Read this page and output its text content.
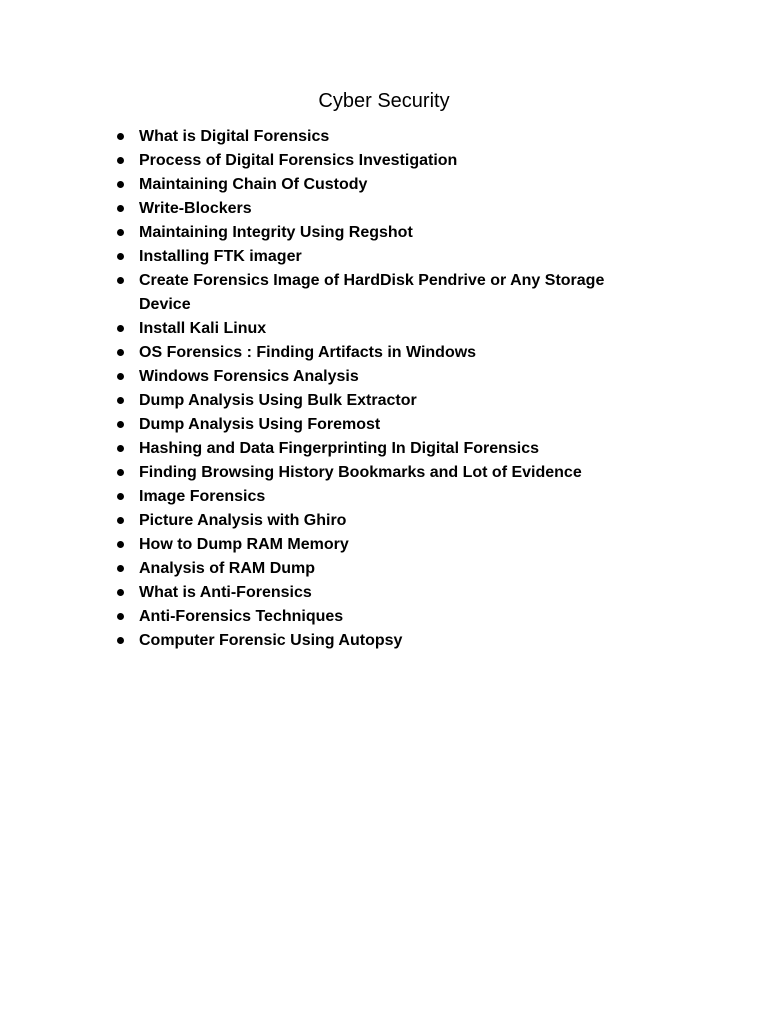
Cyber Security
What is Digital Forensics
Process of Digital Forensics Investigation
Maintaining Chain Of Custody
Write-Blockers
Maintaining Integrity Using Regshot
Installing FTK imager
Create Forensics Image of HardDisk Pendrive or Any Storage Device
Install Kali Linux
OS Forensics : Finding Artifacts in Windows
Windows Forensics Analysis
Dump Analysis Using Bulk Extractor
Dump Analysis Using Foremost
Hashing and Data Fingerprinting In Digital Forensics
Finding Browsing History Bookmarks and Lot of Evidence
Image Forensics
Picture Analysis with Ghiro
How to Dump RAM Memory
Analysis of RAM Dump
What is Anti-Forensics
Anti-Forensics Techniques
Computer Forensic Using Autopsy
